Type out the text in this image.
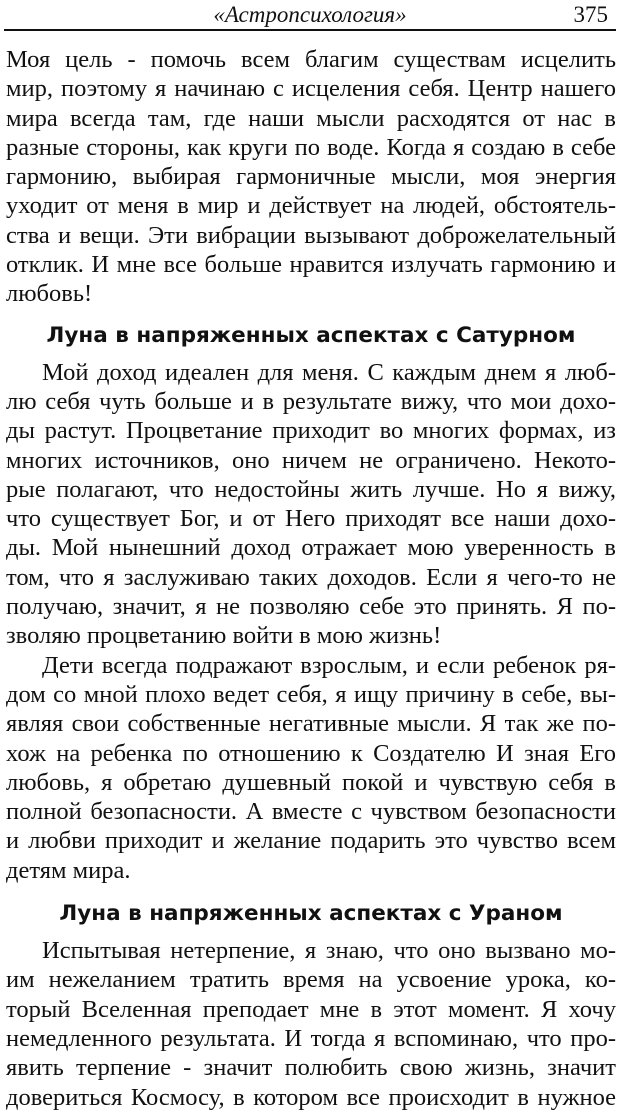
«Астропсихология»	375
Моя цель - помочь всем благим существам исцелить
мир, поэтому я начинаю с исцеления себя. Центр нашего
мира всегда там, где наши мысли расходятся от нас в
разные стороны, как круги по воде. Когда я создаю в себе
гармонию, выбирая гармоничные мысли, моя энергия
уходит от меня в мир и действует на людей, обстоятель-
ства и вещи. Эти вибрации вызывают доброжелательный
отклик. И мне все больше нравится излучать гармонию и
любовь!
Луна в напряженных аспектах с Сатурном
Мой доход идеален для меня. С каждым днем я люб-
лю себя чуть больше и в результате вижу, что мои дохо-
ды растут. Процветание приходит во многих формах, из
многих источников, оно ничем не ограничено. Некото-
рые полагают, что недостойны жить лучше. Но я вижу,
что существует Бог, и от Него приходят все наши дохо-
ды. Мой нынешний доход отражает мою уверенность в
том, что я заслуживаю таких доходов. Если я чего-то не
получаю, значит, я не позволяю себе это принять. Я по-
зволяю процветанию войти в мою жизнь!
Дети всегда подражают взрослым, и если ребенок ря-
дом со мной плохо ведет себя, я ищу причину в себе, вы-
являя свои собственные негативные мысли. Я так же по-
хож на ребенка по отношению к Создателю И зная Его
любовь, я обретаю душевный покой и чувствую себя в
полной безопасности. А вместе с чувством безопасности
и любви приходит и желание подарить это чувство всем
детям мира.
Луна в напряженных аспектах с Ураном
Испытывая нетерпение, я знаю, что оно вызвано мо-
им нежеланием тратить время на усвоение урока, ко-
торый Вселенная преподает мне в этот момент. Я хочу
немедленного результата. И тогда я вспоминаю, что про-
явить терпение - значит полюбить свою жизнь, значит
довериться Космосу, в котором все происходит в нужное
